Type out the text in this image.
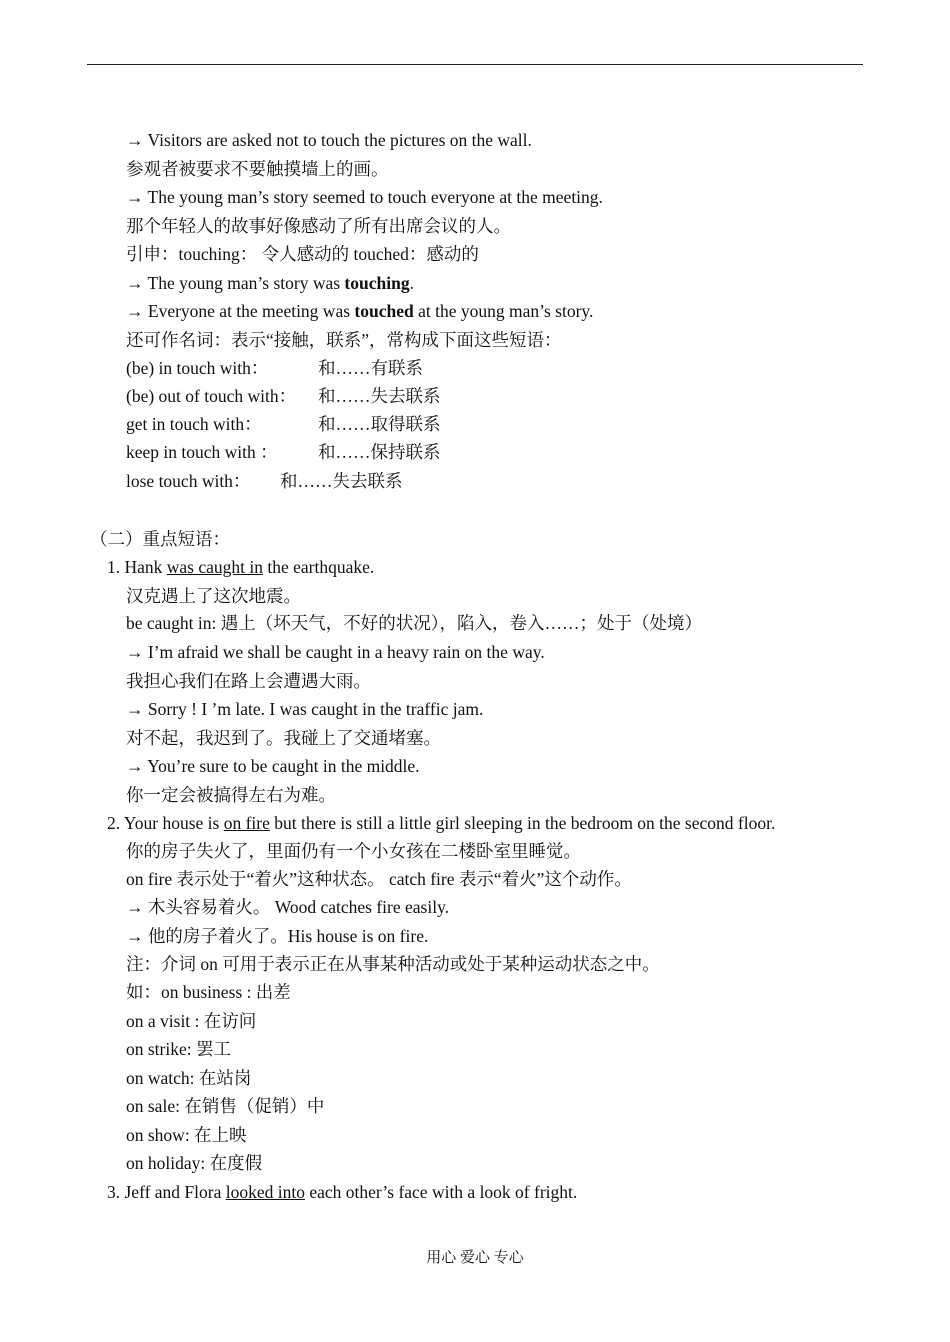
→ Visitors are asked not to touch the pictures on the wall.
参观者被要求不要触摸墙上的画。
→ The young man’s story seemed to touch everyone at the meeting.
那个年轻人的故事好像感动了所有出席会议的人。
引申：touching： 令人感动的 touched：感动的
→ The young man’s story was touching.
→ Everyone at the meeting was touched at the young man’s story.
还可作名词：表示“接触，联系”，常构成下面这些短语：
(be) in touch with：	和……有联系
(be) out of touch with： 和……失去联系
get in touch with：	和……取得联系
keep in touch with ： 和……保持联系
lose touch with： 和……失去联系
（二）重点短语：
1. Hank was caught in the earthquake.
汉克遇上了这次地震。
be caught in: 遇上（坏天气，不好的状况），陷入，卷入……；处于（处境）
→ I’m afraid we shall be caught in a heavy rain on the way.
我担心我们在路上会遭遇大雨。
→ Sorry ! I ’m late. I was caught in the traffic jam.
对不起，我迟到了。我碰上了交通堵塞。
→ You’re sure to be caught in the middle.
你一定会被搞得左右为难。
2. Your house is on fire but there is still a little girl sleeping in the bedroom on the second floor.
你的房子失火了，里面仍有一个小女孩在二楼卧室里睡觉。
on fire 表示处于“着火”这种状态。 catch fire 表示“着火”这个动作。
→ 木头容易着火。 Wood catches fire easily.
→ 他的房子着火了。His house is on fire.
注：介词 on 可用于表示正在从事某种活动或处于某种运动状态之中。
如：on business : 出差
on a visit : 在访问
on strike: 罢工
on watch: 在站岗
on sale: 在销售（促销）中
on show: 在上映
on holiday: 在度假
3. Jeff and Flora looked into each other’s face with a look of fright.
用心 爱心 专心
